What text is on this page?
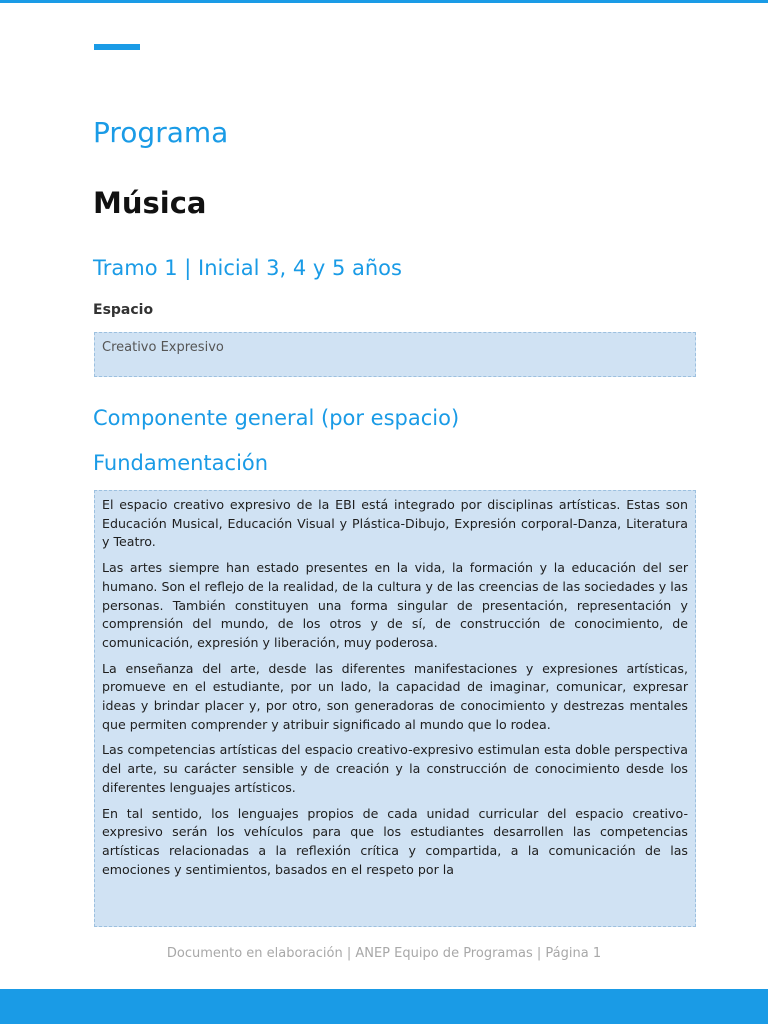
Programa
Música
Tramo 1 | Inicial 3, 4 y 5 años
Espacio
Creativo Expresivo
Componente general (por espacio)
Fundamentación

El espacio creativo expresivo de la EBI está integrado por disciplinas artísticas. Estas son Educación Musical, Educación Visual y Plástica-Dibujo, Expresión corporal-Danza, Literatura y Teatro.

Las artes siempre han estado presentes en la vida, la formación y la educación del ser humano. Son el reflejo de la realidad, de la cultura y de las creencias de las sociedades y las personas. También constituyen una forma singular de presentación, representación y comprensión del mundo, de los otros y de sí, de construcción de conocimiento, de comunicación, expresión y liberación, muy poderosa.

La enseñanza del arte, desde las diferentes manifestaciones y expresiones artísticas, promueve en el estudiante, por un lado, la capacidad de imaginar, comunicar, expresar ideas y brindar placer y, por otro, son generadoras de conocimiento y destrezas mentales que permiten comprender y atribuir significado al mundo que lo rodea.

Las competencias artísticas del espacio creativo-expresivo estimulan esta doble perspectiva del arte, su carácter sensible y de creación y la construcción de conocimiento desde los diferentes lenguajes artísticos.

En tal sentido, los lenguajes propios de cada unidad curricular del espacio creativo-expresivo serán los vehículos para que los estudiantes desarrollen las competencias artísticas relacionadas a la reflexión crítica y compartida, a la comunicación de las emociones y sentimientos, basados en el respeto por la

Documento en elaboración | ANEP Equipo de Programas | Página 1
